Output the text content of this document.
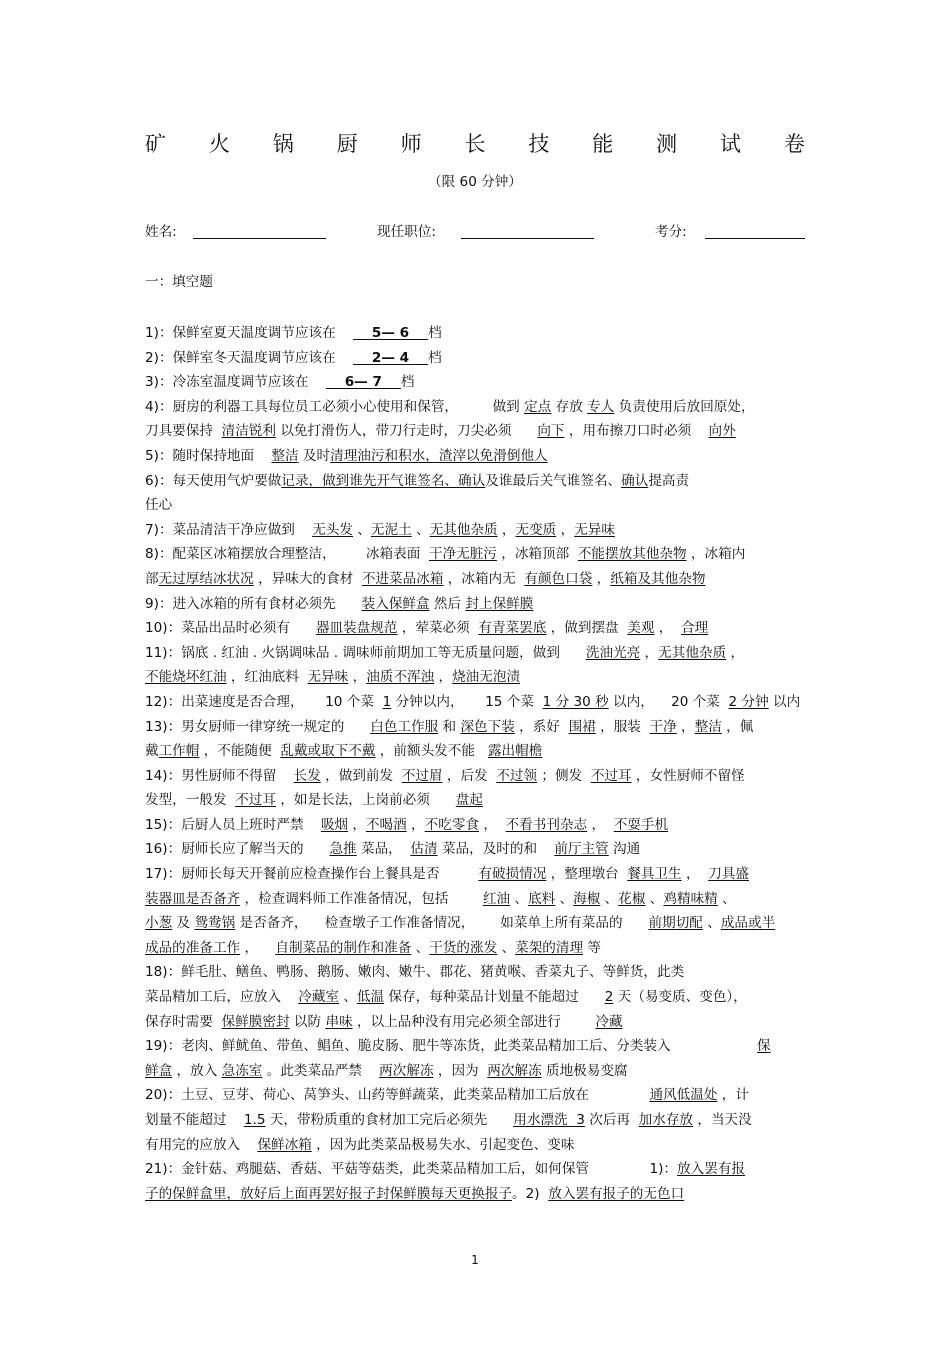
矿 火 锅 厨 师 长 技 能 测 试 卷
（限 60 分钟）
姓名:	现任职位:	考分:
一：填空题

1)：保鲜室夏天温度调节应该在        5— 6    档

2)：保鲜室冬天温度调节应该在        2— 4    档

3)：冷冻室温度调节应该在        6— 7    档

4)：厨房的利器工具每位员工必须小心使用和保管，        做到 定点 存放 专人 负责使用后放回原处，

刀具要保持  清洁锐利 以免打滑伤人，带刀行走时，刀尖必须      向下 ，用布擦刀口时必须    向外

5)：随时保持地面    整洁 及时清理油污和积水，渣滓以免滑倒他人

6)：每天使用气炉要做记录，做到谁先开气谁签名、确认及谁最后关气谁签名、确认提高责

任心

7)：菜品清洁干净应做到    无头发 、无泥土 、无其他杂质 ，无变质 ，无异味

8)：配菜区冰箱摆放合理整洁，       冰箱表面  干净无脏污 ，冰箱顶部  不能摆放其他杂物 ，冰箱内

部无过厚结冰状况 ，异味大的食材  不进菜品冰箱 ，冰箱内无  有颜色口袋 ，纸箱及其他杂物

9)：进入冰箱的所有食材必须先      装入保鲜盒 然后 封上保鲜膜

10)：菜品出品时必须有      器皿装盘规范 ，荤菜必须  有青菜罢底 ，做到摆盘  美观 ，  合理

11)：锅底 . 红油 . 火锅调味品 . 调味师前期加工等无质量问题，做到      洗油光亮 ，无其他杂质 ，

不能烧坏红油 ，红油底料  无异味 ，油质不浑浊 ，烧油无泡渍

12)：出菜速度是否合理，     10 个菜  1 分钟以内，     15 个菜  1 分 30 秒 以内，    20 个菜  2 分钟 以内

13)：男女厨师一律穿统一规定的      白色工作服 和 深色下装 ，系好  围裙 ，服装  干净 ，整洁 ，佩

戴工作帽 ，不能随便  乱戴或取下不戴 ，前额头发不能   露出帽檐

14)：男性厨师不得留    长发 ，做到前发  不过眉 ，后发  不过领 ；侧发  不过耳 ，女性厨师不留怪

发型，一般发  不过耳 ，如是长法，上岗前必须      盘起

15)：后厨人员上班时严禁    吸烟 ，不喝酒 ，不吃零食 ，  不看书刊杂志 ，  不耍手机

16)：厨师长应了解当天的      急推 菜品，  估清 菜品，及时的和    前厅主管 沟通

17)：厨师长每天开餐前应检查操作台上餐具是否         有破损情况 ，整理墩台  餐具卫生 ，  刀具盛

装器皿是否备齐 ，检查调料师工作准备情况，包括        红油 、底料 、海椒 、花椒 、鸡精味精 、

小葱 及 鸳鸯锅 是否备齐，    检查墩子工作准备情况，      如菜单上所有菜品的      前期切配 、成品或半

成品的准备工作 ，    自制菜品的制作和准备 、干货的涨发 、菜架的清理 等

18)：鲜毛肚、鳝鱼、鸭肠、鹅肠、嫩肉、嫩牛、郡花、猪黄喉、香菜丸子、等鲜货，此类

菜品精加工后，应放入    冷藏室 、低温 保存，每种菜品计划量不能超过      2 天（易变质、变色），

保存时需要  保鲜膜密封 以防 串味 ，以上品种没有用完必须全部进行        冷藏

19)：老肉、鲜鱿鱼、带鱼、鲳鱼、脆皮肠、肥牛等冻货，此类菜品精加工后、分类装入                    保

鲜盒 ，放入 急冻室 。此类菜品严禁    两次解冻 ，因为  两次解冻 质地极易变腐

20)：土豆、豆芽、荷心、莴笋头、山药等鲜蔬菜，此类菜品精加工后放在              通风低温处 ，计

划量不能超过    1.5 天，带粉质重的食材加工完后必须先      用水漂洗  3 次后再  加水存放 ，当天没

有用完的应放入    保鲜冰箱 ，因为此类菜品极易失水、引起变色、变味

21)：金针菇、鸡腿菇、香菇、平菇等菇类，此类菜品精加工后，如何保管              1)：放入罢有报

子的保鲜盒里，放好后上面再罢好报子封保鲜膜每天更换报子。2)  放入罢有报子的无色口

1
